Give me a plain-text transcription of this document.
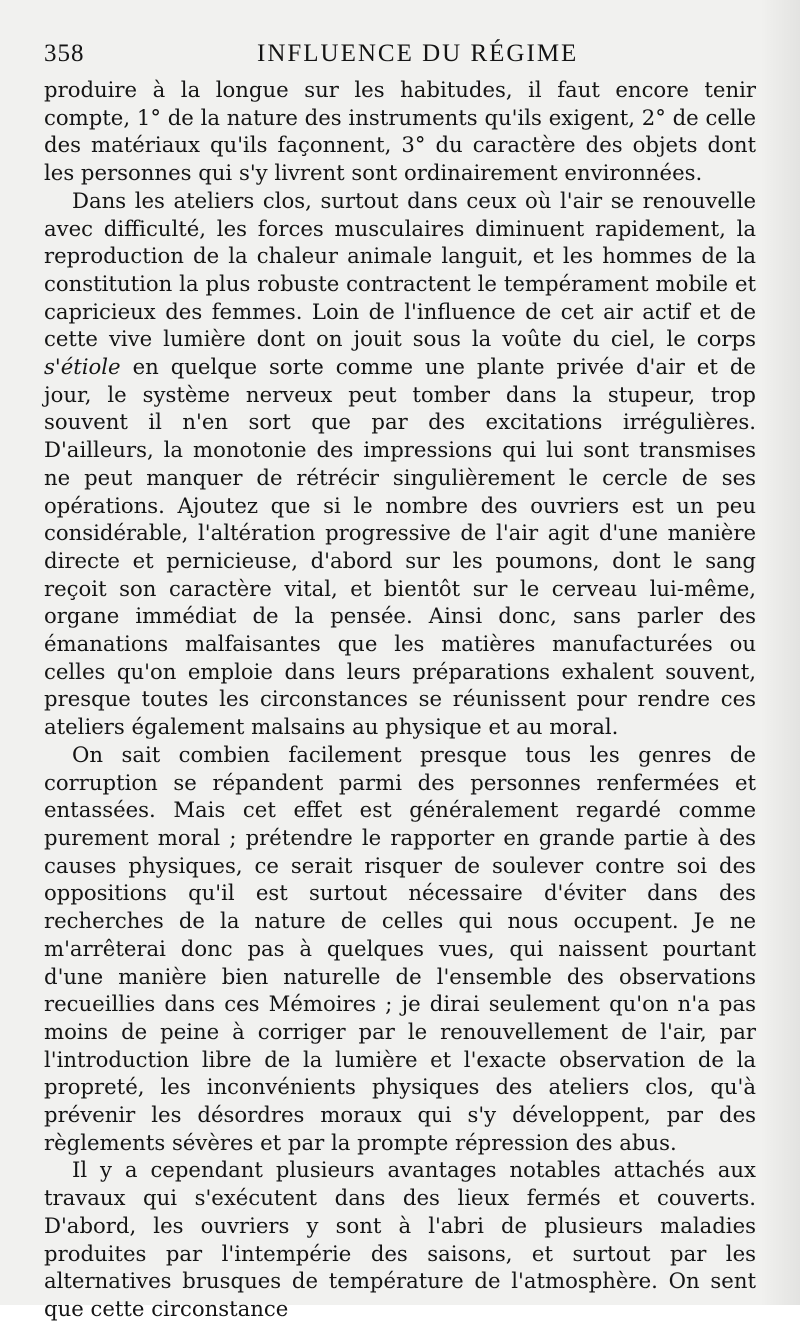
358	INFLUENCE DU RÉGIME

produire à la longue sur les habitudes, il faut encore tenir compte, 1° de la nature des instruments qu'ils exigent, 2° de celle des matériaux qu'ils façonnent, 3° du caractère des objets dont les personnes qui s'y livrent sont ordinairement environnées.

Dans les ateliers clos, surtout dans ceux où l'air se renouvelle avec difficulté, les forces musculaires diminuent rapidement, la reproduction de la chaleur animale languit, et les hommes de la constitution la plus robuste contractent le tempérament mobile et capricieux des femmes. Loin de l'influence de cet air actif et de cette vive lumière dont on jouit sous la voûte du ciel, le corps s'étiole en quelque sorte comme une plante privée d'air et de jour, le système nerveux peut tomber dans la stupeur, trop souvent il n'en sort que par des excitations irrégulières. D'ailleurs, la monotonie des impressions qui lui sont transmises ne peut manquer de rétrécir singulièrement le cercle de ses opérations. Ajoutez que si le nombre des ouvriers est un peu considérable, l'altération progressive de l'air agit d'une manière directe et pernicieuse, d'abord sur les poumons, dont le sang reçoit son caractère vital, et bientôt sur le cerveau lui-même, organe immédiat de la pensée. Ainsi donc, sans parler des émanations malfaisantes que les matières manufacturées ou celles qu'on emploie dans leurs préparations exhalent souvent, presque toutes les circonstances se réunissent pour rendre ces ateliers également malsains au physique et au moral.

On sait combien facilement presque tous les genres de corruption se répandent parmi des personnes renfermées et entassées. Mais cet effet est généralement regardé comme purement moral ; prétendre le rapporter en grande partie à des causes physiques, ce serait risquer de soulever contre soi des oppositions qu'il est surtout nécessaire d'éviter dans des recherches de la nature de celles qui nous occupent. Je ne m'arrêterai donc pas à quelques vues, qui naissent pourtant d'une manière bien naturelle de l'ensemble des observations recueillies dans ces Mémoires ; je dirai seulement qu'on n'a pas moins de peine à corriger par le renouvellement de l'air, par l'introduction libre de la lumière et l'exacte observation de la propreté, les inconvénients physiques des ateliers clos, qu'à prévenir les désordres moraux qui s'y développent, par des règlements sévères et par la prompte répression des abus.

Il y a cependant plusieurs avantages notables attachés aux travaux qui s'exécutent dans des lieux fermés et couverts. D'abord, les ouvriers y sont à l'abri de plusieurs maladies produites par l'intempérie des saisons, et surtout par les alternatives brusques de température de l'atmosphère. On sent que cette circonstance
